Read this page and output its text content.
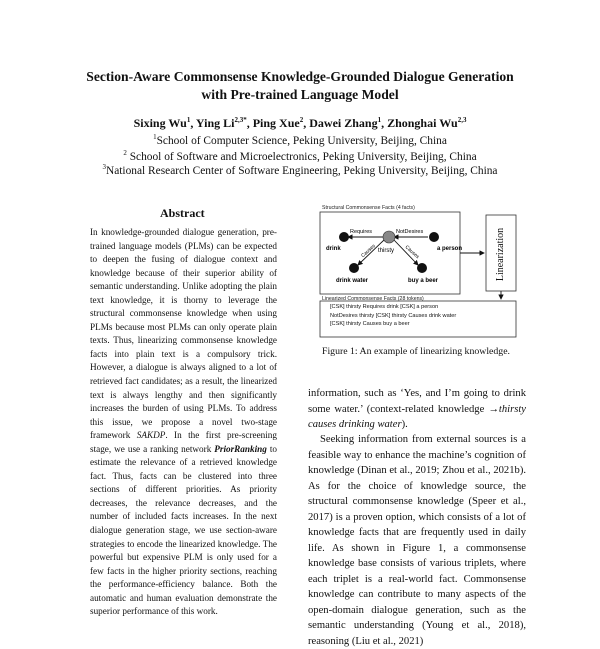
Section-Aware Commonsense Knowledge-Grounded Dialogue Generation
with Pre-trained Language Model
Sixing Wu$^1$, Ying $Li^{2,3*}$, Ping Xue$^2$, Dawei Zhang$^1$, Zhonghai Wu$^{2,3}$
$^1$School of Computer Science, Peking University, Beijing, China
$^2$ School of Software and Microelectronics, Peking University, Beijing, China
$^3$National Research Center of Software Engineering, Peking University, Beijing, China
Abstract
In knowledge-grounded dialogue generation, pre-trained language models (PLMs) can be expected to deepen the fusing of dialogue context and knowledge because of their superior ability of semantic understanding. Unlike adopting the plain text knowledge, it is thorny to leverage the structural commonsense knowledge when using PLMs because most PLMs can only operate plain texts. Thus, linearizing commonsense knowledge facts into plain text is a compulsory trick. However, a dialogue is always aligned to a lot of retrieved fact candidates; as a result, the linearized text is always lengthy and then significantly increases the burden of using PLMs. To address this issue, we propose a novel two-stage framework SAKDP. In the first pre-screening stage, we use a ranking network PriorRanking to estimate the relevance of a retrieved knowledge fact. Thus, facts can be clustered into three sections of different priorities. As priority decreases, the relevance decreases, and the number of included facts increases. In the next dialogue generation stage, we use section-aware strategies to encode the linearized knowledge. The powerful but expensive PLM is only used for a few facts in the higher priority sections, reaching the performance-efficiency balance. Both the automatic and human evaluation demonstrate the superior performance of this work.
drink	thirsty	a person
drink water	buy a beer
Requires	NotDesires
Causes	Causes
Structural Commonsense Facts (4 facts)
Linearization
Linearized Commonsense Facts (28 tokens)
[CSK] thirsty Requires drink [CSK] a person
NotDesires thirsty [CSK] thirsty Causes drink water
[CSK] thirsty Causes buy a beer
Figure 1: An example of linearizing knowledge.
information, such as ‘Yes, and I’m going to drink some water.’ (context-related knowledge →thirsty causes drinking water).
Seeking information from external sources is a feasible way to enhance the machine’s cognition of knowledge (Dinan et al., 2019; Zhou et al., 2021b). As for the choice of knowledge source, the structural commonsense knowledge (Speer et al., 2017) is a proven option, which consists of a lot of knowledge facts that are frequently used in daily life. As shown in Figure 1, a commonsense knowledge base consists of various triplets, where each triplet is a real-world fact. Commonsense knowledge can contribute to many aspects of the open-domain dialogue generation, such as the semantic understanding (Young et al., 2018), reasoning (Liu et al., 2021)
